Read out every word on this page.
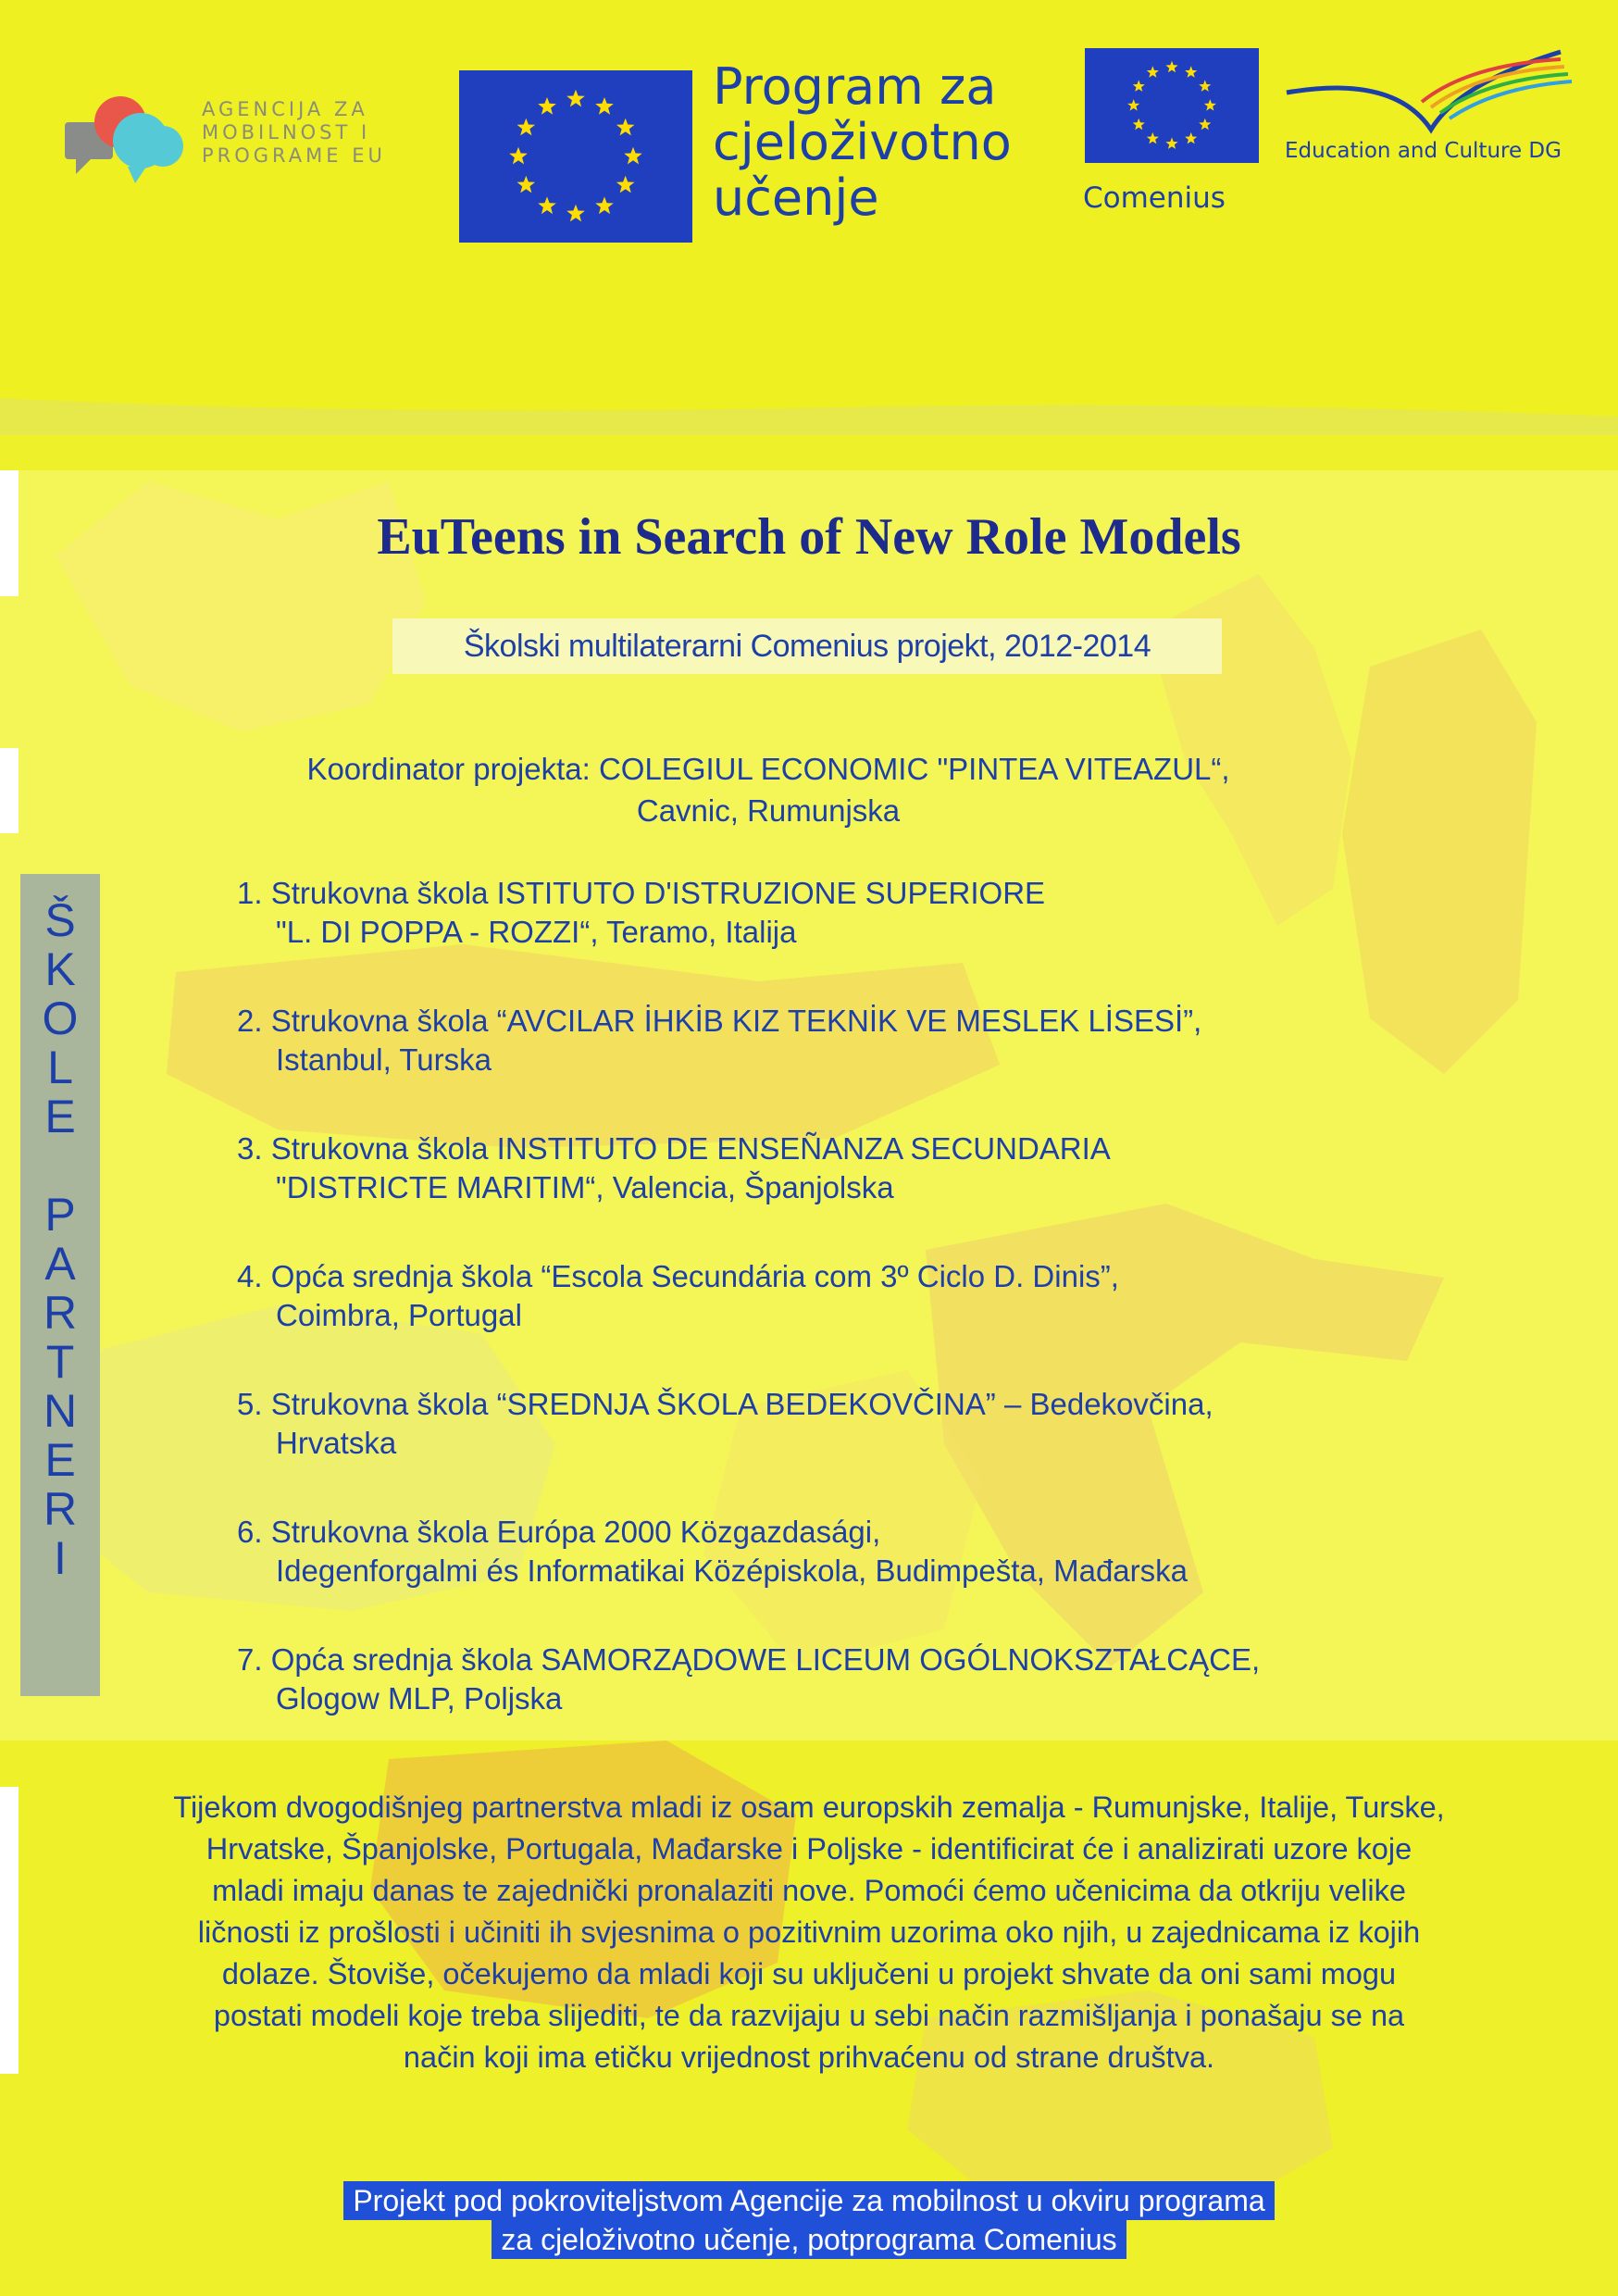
AGENCIJA ZA
MOBILNOST I
PROGRAME EU
Program za
cjeloživotno
učenje	Comenius
Education and Culture DG
EuTeens in Search of New Role Models
Školski multilaterarni Comenius projekt, 2012-2014
Koordinator projekta: COLEGIUL ECONOMIC "PINTEA VITEAZUL“,
Cavnic, Rumunjska
Š
K
O
L
E
P
A
R
T
N
E
R
I
1. Strukovna škola ISTITUTO D'ISTRUZIONE SUPERIORE
"L. DI POPPA - ROZZI“, Teramo, Italija
2. Strukovna škola “AVCILAR İHKİB KIZ TEKNİK VE MESLEK LİSESİ”,
Istanbul, Turska
3. Strukovna škola INSTITUTO DE ENSEÑANZA SECUNDARIA
"DISTRICTE MARITIM“, Valencia, Španjolska
4. Opća srednja škola “Escola Secundária com 3º Ciclo D. Dinis”,
Coimbra, Portugal
5. Strukovna škola “SREDNJA ŠKOLA BEDEKOVČINA” – Bedekovčina,
Hrvatska
6. Strukovna škola Európa 2000 Közgazdasági,
Idegenforgalmi és Informatikai Középiskola, Budimpešta, Mađarska
7. Opća srednja škola SAMORZĄDOWE LICEUM OGÓLNOKSZTAŁCĄCE,
Glogow MLP, Poljska
Tijekom dvogodišnjeg partnerstva mladi iz osam europskih zemalja - Rumunjske, Italije, Turske,
Hrvatske, Španjolske, Portugala, Mađarske i Poljske - identificirat će i analizirati uzore koje
mladi imaju danas te zajednički pronalaziti nove. Pomoći ćemo učenicima da otkriju velike
ličnosti iz prošlosti i učiniti ih svjesnima o pozitivnim uzorima oko njih, u zajednicama iz kojih
dolaze. Štoviše, očekujemo da mladi koji su uključeni u projekt shvate da oni sami mogu
postati modeli koje treba slijediti, te da razvijaju u sebi način razmišljanja i ponašaju se na
način koji ima etičku vrijednost prihvaćenu od strane društva.
Projekt pod pokroviteljstvom Agencije za mobilnost u okviru programa
za cjeloživotno učenje, potprograma Comenius
